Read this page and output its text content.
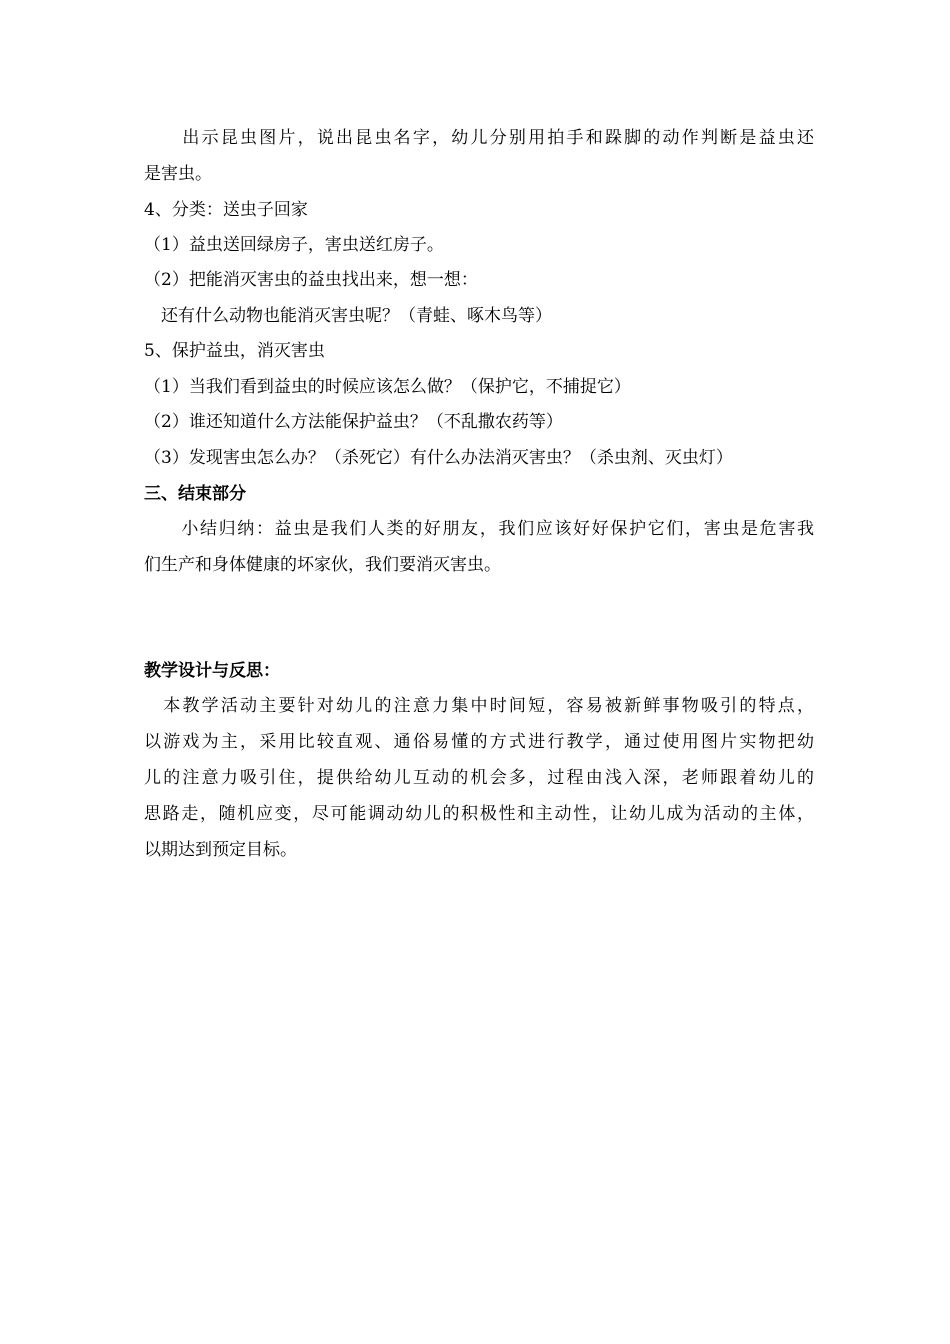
　　出示昆虫图片，说出昆虫名字，幼儿分别用拍手和跺脚的动作判断是益虫还
是害虫。
4、分类：送虫子回家
（1）益虫送回绿房子，害虫送红房子。
（2）把能消灭害虫的益虫找出来，想一想：
　还有什么动物也能消灭害虫呢？（青蛙、啄木鸟等）
5、保护益虫，消灭害虫
（1）当我们看到益虫的时候应该怎么做？（保护它，不捕捉它）
（2）谁还知道什么方法能保护益虫？（不乱撒农药等）
（3）发现害虫怎么办？（杀死它）有什么办法消灭害虫？（杀虫剂、灭虫灯）
三、结束部分
　　小结归纳：益虫是我们人类的好朋友，我们应该好好保护它们，害虫是危害我
们生产和身体健康的坏家伙，我们要消灭害虫。
教学设计与反思：
　本教学活动主要针对幼儿的注意力集中时间短，容易被新鲜事物吸引的特点，
以游戏为主，采用比较直观、通俗易懂的方式进行教学，通过使用图片实物把幼
儿的注意力吸引住，提供给幼儿互动的机会多，过程由浅入深，老师跟着幼儿的
思路走，随机应变，尽可能调动幼儿的积极性和主动性，让幼儿成为活动的主体，
以期达到预定目标。
